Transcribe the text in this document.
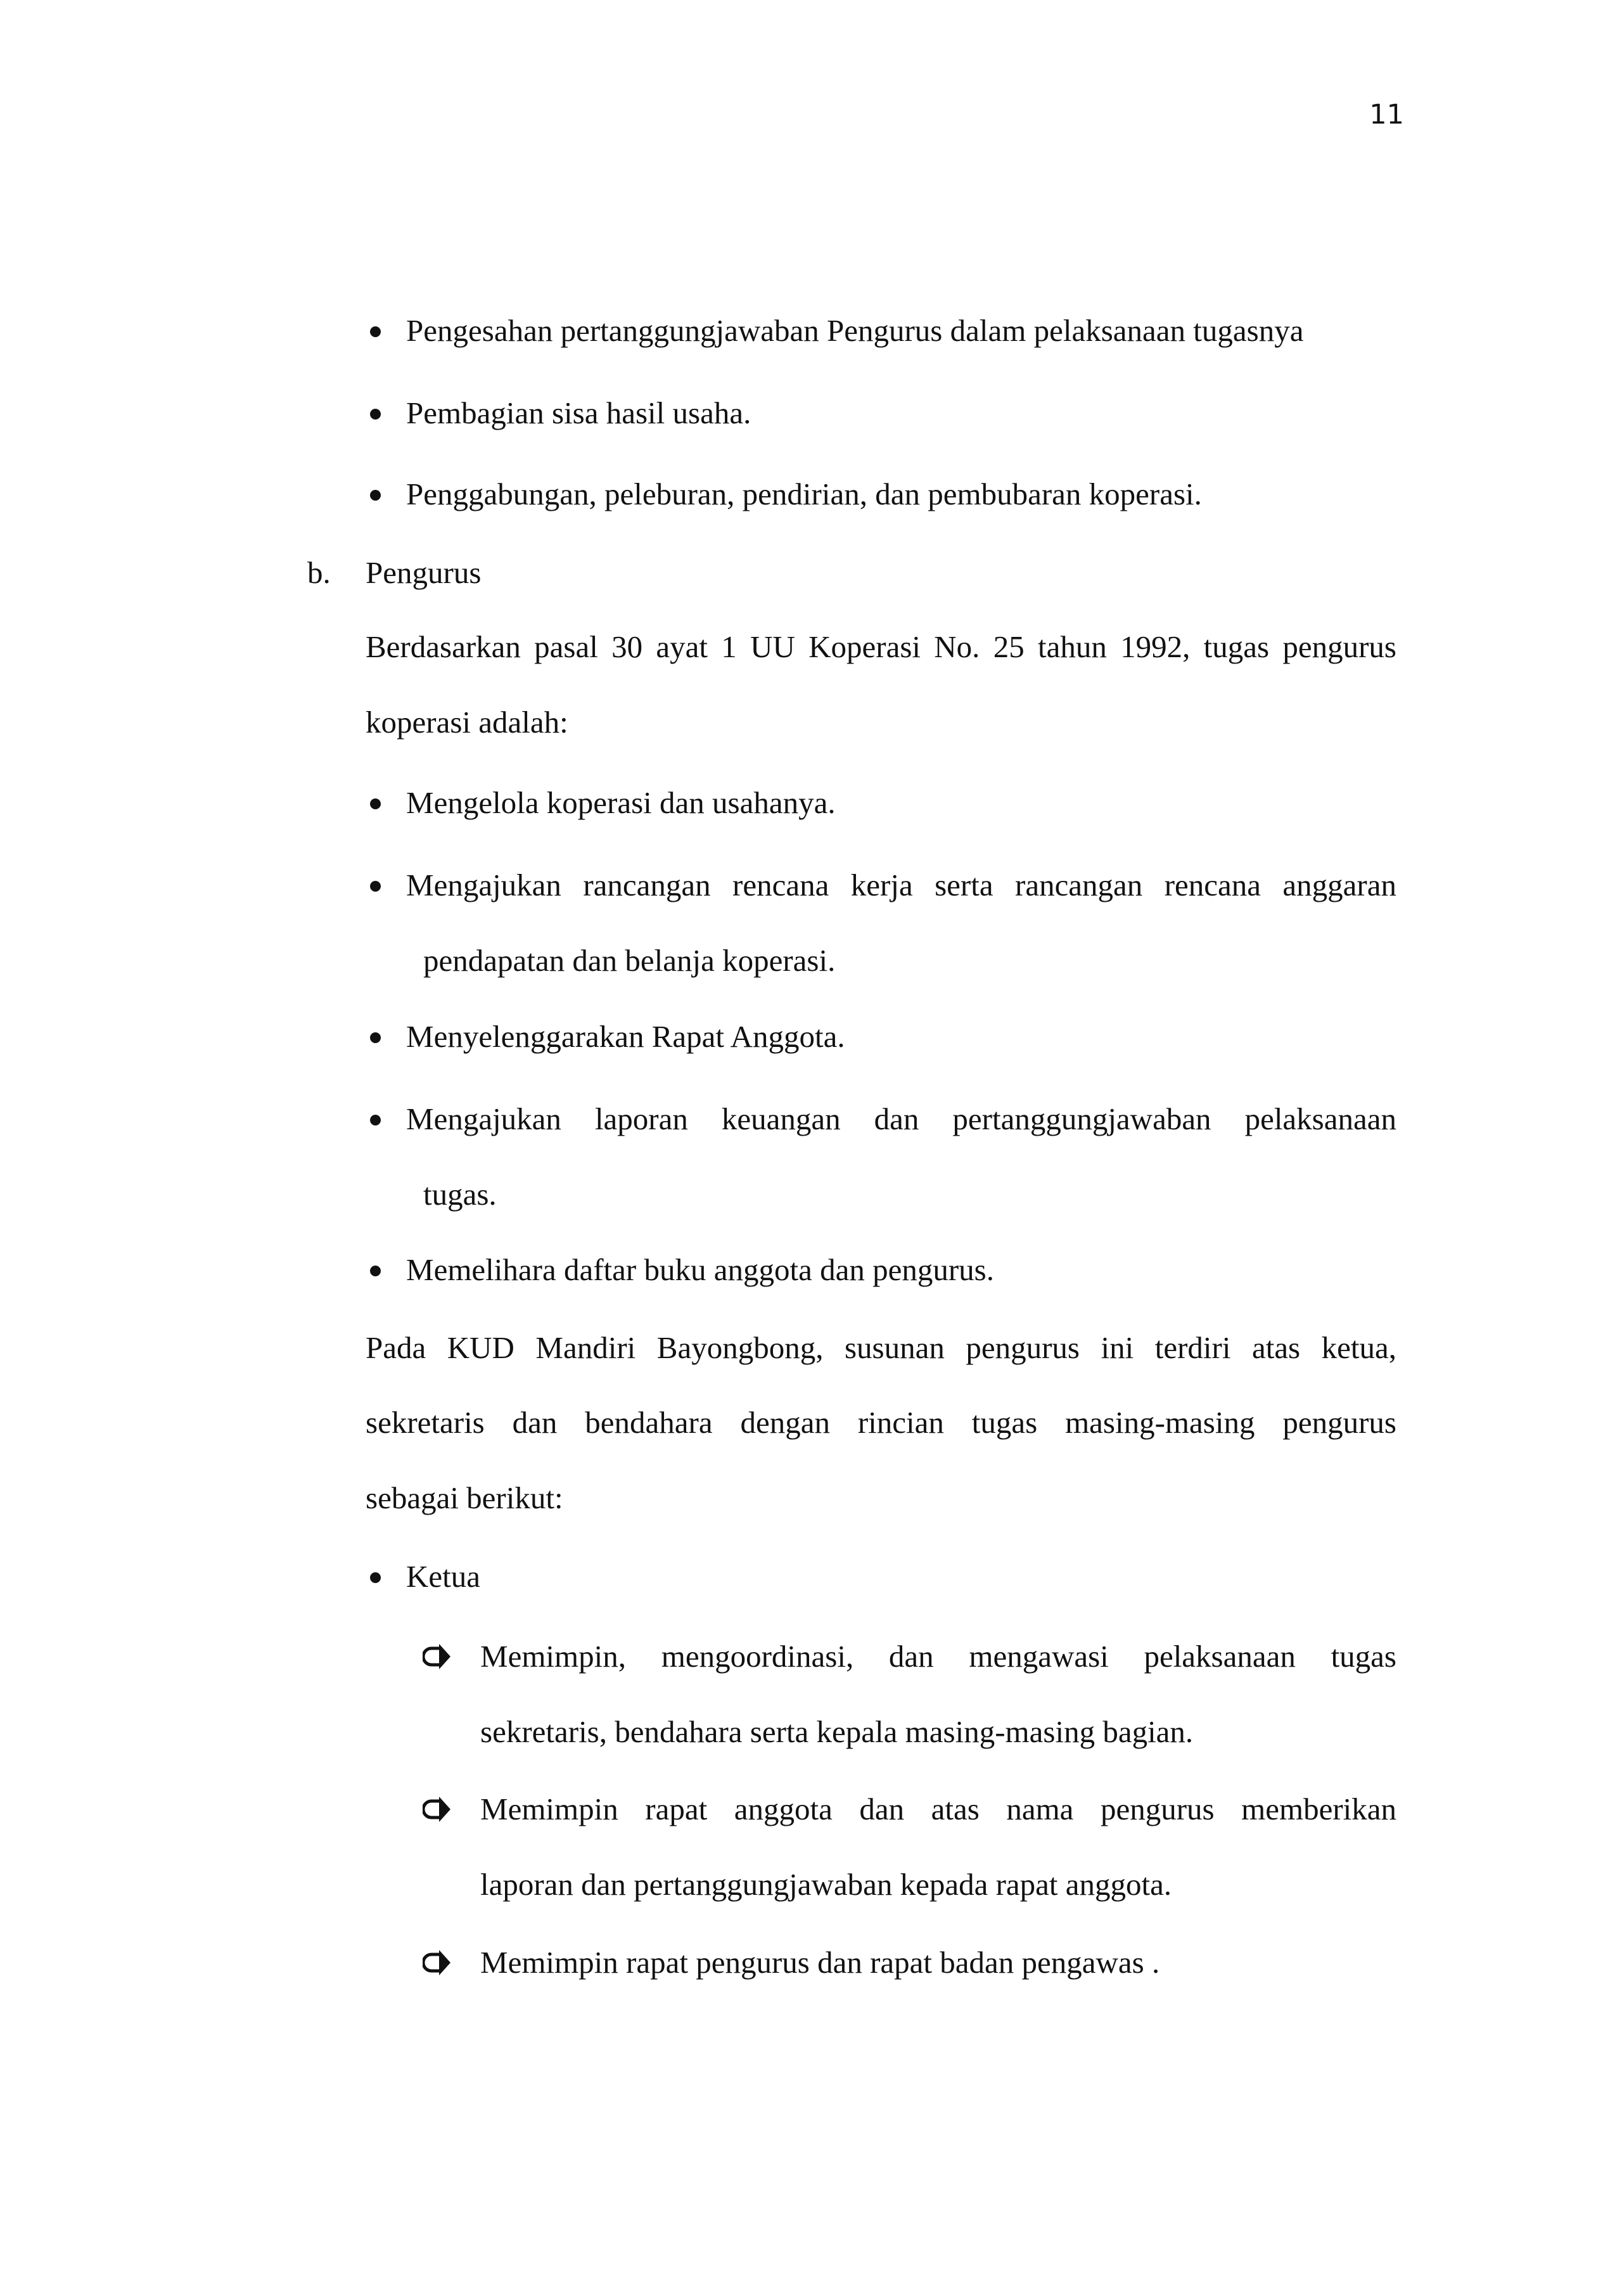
11
Pengesahan pertanggungjawaban Pengurus dalam pelaksanaan tugasnya
Pembagian sisa hasil usaha.
Penggabungan, peleburan, pendirian, dan pembubaran koperasi.
b. Pengurus
Berdasarkan pasal 30 ayat 1 UU Koperasi No. 25 tahun 1992, tugas pengurus
koperasi adalah:
Mengelola koperasi dan usahanya.
Mengajukan rancangan rencana kerja serta rancangan rencana anggaran
pendapatan dan belanja koperasi.
Menyelenggarakan Rapat Anggota.
Mengajukan laporan keuangan dan pertanggungjawaban pelaksanaan
tugas.
Memelihara daftar buku anggota dan pengurus.
Pada KUD Mandiri Bayongbong, susunan pengurus ini terdiri atas ketua,
sekretaris dan bendahara dengan rincian tugas masing-masing pengurus
sebagai berikut:
Ketua
Memimpin, mengoordinasi, dan mengawasi pelaksanaan tugas
sekretaris, bendahara serta kepala masing-masing bagian.
Memimpin rapat anggota dan atas nama pengurus memberikan
laporan dan pertanggungjawaban kepada rapat anggota.
Memimpin rapat pengurus dan rapat badan pengawas .
